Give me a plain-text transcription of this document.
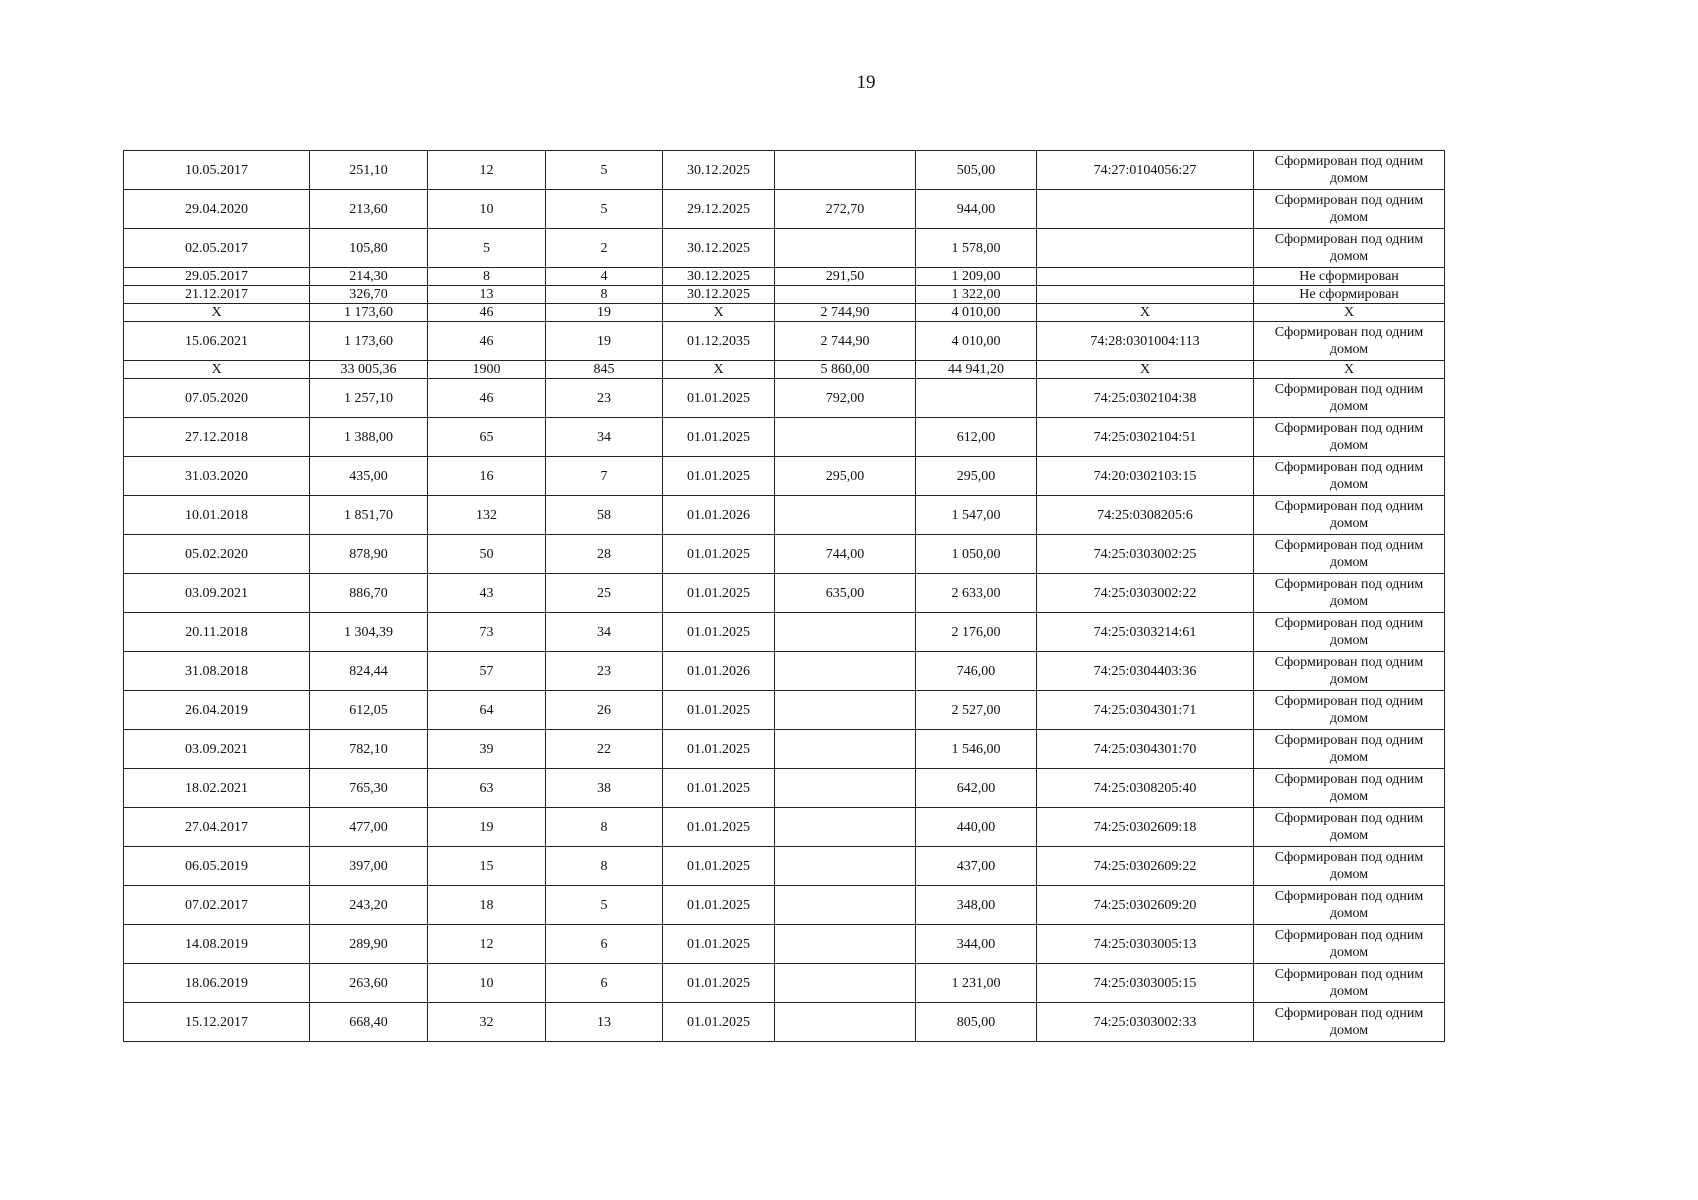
19
10.05.2017	251,10	12	5	30.12.2025		505,00	74:27:0104056:27	Сформирован под одним домом
29.04.2020	213,60	10	5	29.12.2025	272,70	944,00		Сформирован под одним домом
02.05.2017	105,80	5	2	30.12.2025		1 578,00		Сформирован под одним домом
29.05.2017	214,30	8	4	30.12.2025	291,50	1 209,00		Не сформирован
21.12.2017	326,70	13	8	30.12.2025		1 322,00		Не сформирован
X	1 173,60	46	19	X	2 744,90	4 010,00	X	X
15.06.2021	1 173,60	46	19	01.12.2035	2 744,90	4 010,00	74:28:0301004:113	Сформирован под одним домом
X	33 005,36	1900	845	X	5 860,00	44 941,20	X	X
07.05.2020	1 257,10	46	23	01.01.2025	792,00		74:25:0302104:38	Сформирован под одним домом
27.12.2018	1 388,00	65	34	01.01.2025		612,00	74:25:0302104:51	Сформирован под одним домом
31.03.2020	435,00	16	7	01.01.2025	295,00	295,00	74:20:0302103:15	Сформирован под одним домом
10.01.2018	1 851,70	132	58	01.01.2026		1 547,00	74:25:0308205:6	Сформирован под одним домом
05.02.2020	878,90	50	28	01.01.2025	744,00	1 050,00	74:25:0303002:25	Сформирован под одним домом
03.09.2021	886,70	43	25	01.01.2025	635,00	2 633,00	74:25:0303002:22	Сформирован под одним домом
20.11.2018	1 304,39	73	34	01.01.2025		2 176,00	74:25:0303214:61	Сформирован под одним домом
31.08.2018	824,44	57	23	01.01.2026		746,00	74:25:0304403:36	Сформирован под одним домом
26.04.2019	612,05	64	26	01.01.2025		2 527,00	74:25:0304301:71	Сформирован под одним домом
03.09.2021	782,10	39	22	01.01.2025		1 546,00	74:25:0304301:70	Сформирован под одним домом
18.02.2021	765,30	63	38	01.01.2025		642,00	74:25:0308205:40	Сформирован под одним домом
27.04.2017	477,00	19	8	01.01.2025		440,00	74:25:0302609:18	Сформирован под одним домом
06.05.2019	397,00	15	8	01.01.2025		437,00	74:25:0302609:22	Сформирован под одним домом
07.02.2017	243,20	18	5	01.01.2025		348,00	74:25:0302609:20	Сформирован под одним домом
14.08.2019	289,90	12	6	01.01.2025		344,00	74:25:0303005:13	Сформирован под одним домом
18.06.2019	263,60	10	6	01.01.2025		1 231,00	74:25:0303005:15	Сформирован под одним домом
15.12.2017	668,40	32	13	01.01.2025		805,00	74:25:0303002:33	Сформирован под одним домом
